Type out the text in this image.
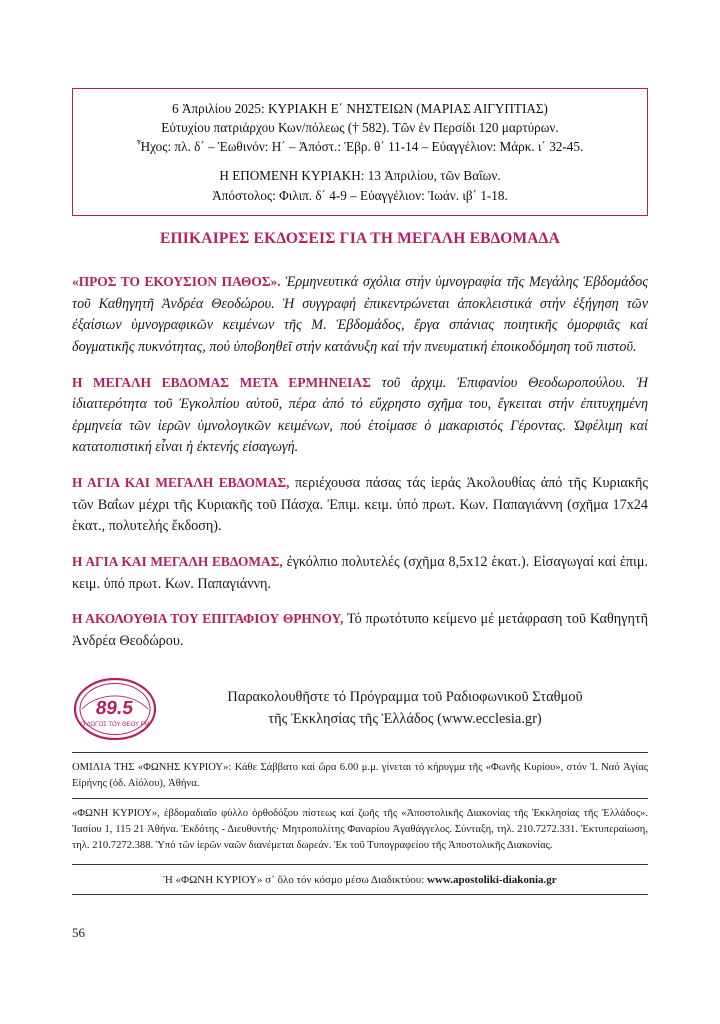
6 Ἀπριλίου 2025: ΚΥΡΙΑΚΗ Ε΄ ΝΗΣΤΕΙΩΝ (ΜΑΡΙΑΣ ΑΙΓΥΠΤΙΑΣ)
Εὐτυχίου πατριάρχου Κων/πόλεως († 582). Τῶν ἐν Περσίδι 120 μαρτύρων.
Ἦχος: πλ. δ΄ – Ἑωθινόν: Η΄ – Ἀπόστ.: Ἑβρ. θ΄ 11-14 – Εὐαγγέλιον: Μάρκ. ι΄ 32-45.
Η ΕΠΟΜΕΝΗ ΚΥΡΙΑΚΗ: 13 Ἀπριλίου, τῶν Βαΐων.
Ἀπόστολος: Φιλιπ. δ΄ 4-9 – Εὐαγγέλιον: Ἰωάν. ιβ΄ 1-18.
ΕΠΙΚΑΙΡΕΣ ΕΚΔΟΣΕΙΣ ΓΙΑ ΤΗ ΜΕΓΑΛΗ ΕΒΔΟΜΑΔΑ

«ΠΡΟΣ ΤΟ ΕΚΟΥΣΙΟΝ ΠΑΘΟΣ». Ἑρμηνευτικά σχόλια στήν ὑμνογραφία τῆς Μεγάλης Ἑβδομάδος τοῦ Καθηγητῆ Ἀνδρέα Θεοδώρου. Ἡ συγγραφή ἐπικεντρώνεται ἀποκλειστικά στήν ἐξήγηση τῶν ἐξαίσιων ὑμνογραφικῶν κειμένων τῆς Μ. Ἑβδομάδος, ἔργα σπάνιας ποιητικῆς ὀμορφιᾶς καί δογματικῆς πυκνότητας, πού ὑποβοηθεῖ στήν κατάνυξη καί τήν πνευματική ἐποικοδόμηση τοῦ πιστοῦ.

Η ΜΕΓΑΛΗ ΕΒΔΟΜΑΣ ΜΕΤΑ ΕΡΜΗΝΕΙΑΣ τοῦ ἀρχιμ. Ἐπιφανίου Θεοδωροπούλου. Ἡ ἰδιαιτερότητα τοῦ Ἐγκολπίου αὐτοῦ, πέρα ἀπό τό εὔχρηστο σχῆμα του, ἔγκειται στήν ἐπιτυχημένη ἑρμηνεία τῶν ἱερῶν ὑμνολογικῶν κειμένων, πού ἑτοίμασε ὁ μακαριστός Γέροντας. Ὠφέλιμη καί κατατοπιστική εἶναι ἡ ἐκτενής εἰσαγωγή.

Η ΑΓΙΑ ΚΑΙ ΜΕΓΑΛΗ ΕΒΔΟΜΑΣ, περιέχουσα πάσας τάς ἱεράς Ἀκολουθίας ἀπό τῆς Κυριακῆς τῶν Βαΐων μέχρι τῆς Κυριακῆς τοῦ Πάσχα. Ἐπιμ. κειμ. ὑπό πρωτ. Κων. Παπαγιάννη (σχῆμα 17x24 ἑκατ., πολυτελής ἔκδοση).

Η ΑΓΙΑ ΚΑΙ ΜΕΓΑΛΗ ΕΒΔΟΜΑΣ, ἐγκόλπιο πολυτελές (σχῆμα 8,5x12 ἑκατ.). Εἰσαγωγαί καί ἐπιμ. κειμ. ὑπό πρωτ. Κων. Παπαγιάννη.

Η ΑΚΟΛΟΥΘΙΑ ΤΟΥ ΕΠΙΤΑΦΙΟΥ ΘΡΗΝΟΥ, Τό πρωτότυπο κείμενο μέ μετάφραση τοῦ Καθηγητῆ Ἀνδρέα Θεοδώρου.

89.5
Ο ΛΟΓΟΣ ΤΟΥ ΘΕΟΥ FM
Παρακολουθῆστε τό Πρόγραμμα τοῦ Ραδιοφωνικοῦ Σταθμοῦ
τῆς Ἐκκλησίας τῆς Ἑλλάδος (www.ecclesia.gr)
ΟΜΙΛΙΑ ΤΗΣ «ΦΩΝΗΣ ΚΥΡΙΟΥ»: Κάθε Σάββατο καί ὥρα 6.00 μ.μ. γίνεται τό κήρυγμα τῆς «Φωνῆς Κυρίου», στόν Ἱ. Ναό Ἁγίας Εἰρήνης (ὁδ. Αἰόλου), Ἀθήνα.
«ΦΩΝΗ ΚΥΡΙΟΥ», ἑβδομαδιαῖο φύλλο ὀρθοδόξου πίστεως καί ζωῆς τῆς «Ἀποστολικῆς Διακονίας τῆς Ἐκκλησίας τῆς Ἑλλάδος». Ἰασίου 1, 115 21 Ἀθήνα. Ἐκδότης - Διευθυντής· Μητροπολίτης Φαναρίου Ἀγαθάγγελος. Σύνταξη, τηλ. 210.7272.331. Ἑκτυπεραίωση, τηλ. 210.7272.388. Ὑπό τῶν ἱερῶν ναῶν διανέμεται δωρεάν. Ἐκ τοῦ Τυπογραφείου τῆς Ἀποστολικῆς Διακονίας.
Ἡ «ΦΩΝΗ ΚΥΡΙΟΥ» σ᾿ ὅλο τόν κόσμο μέσω Διαδικτύου: www.apostoliki-diakonia.gr
56
